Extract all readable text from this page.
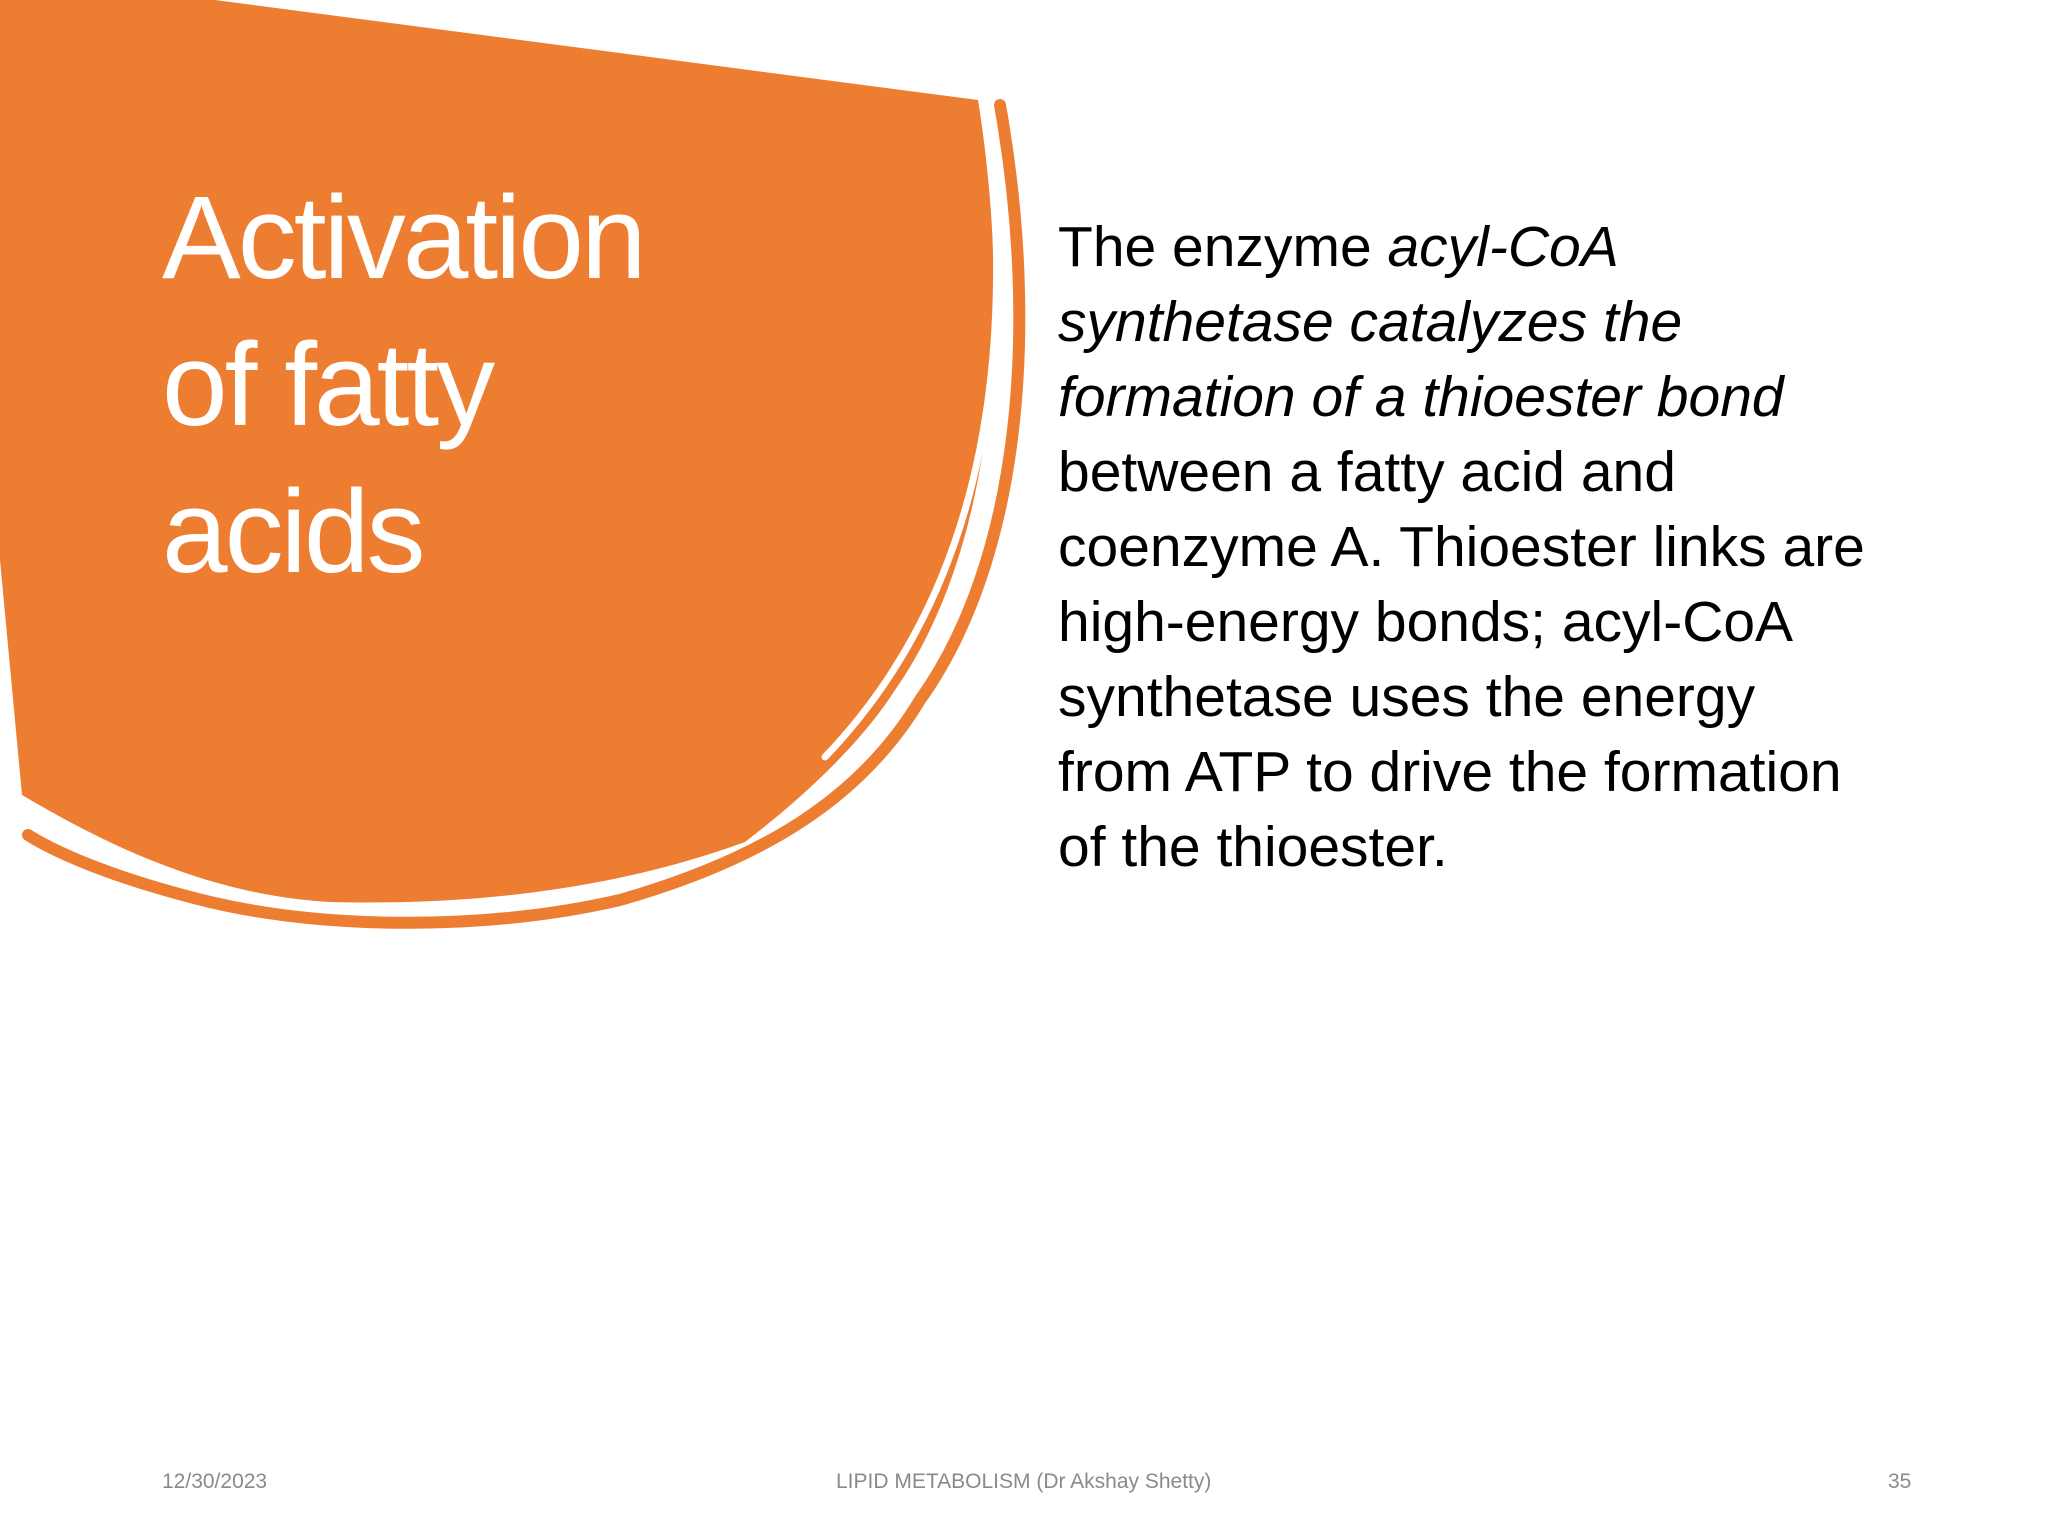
Activation
of fatty
acids
The enzyme acyl-CoA
synthetase catalyzes the
formation of a thioester bond
between a fatty acid and
coenzyme A. Thioester links are
high-energy bonds; acyl-CoA
synthetase uses the energy
from ATP to drive the formation
of the thioester.
12/30/2023	LIPID METABOLISM (Dr Akshay Shetty)	35
